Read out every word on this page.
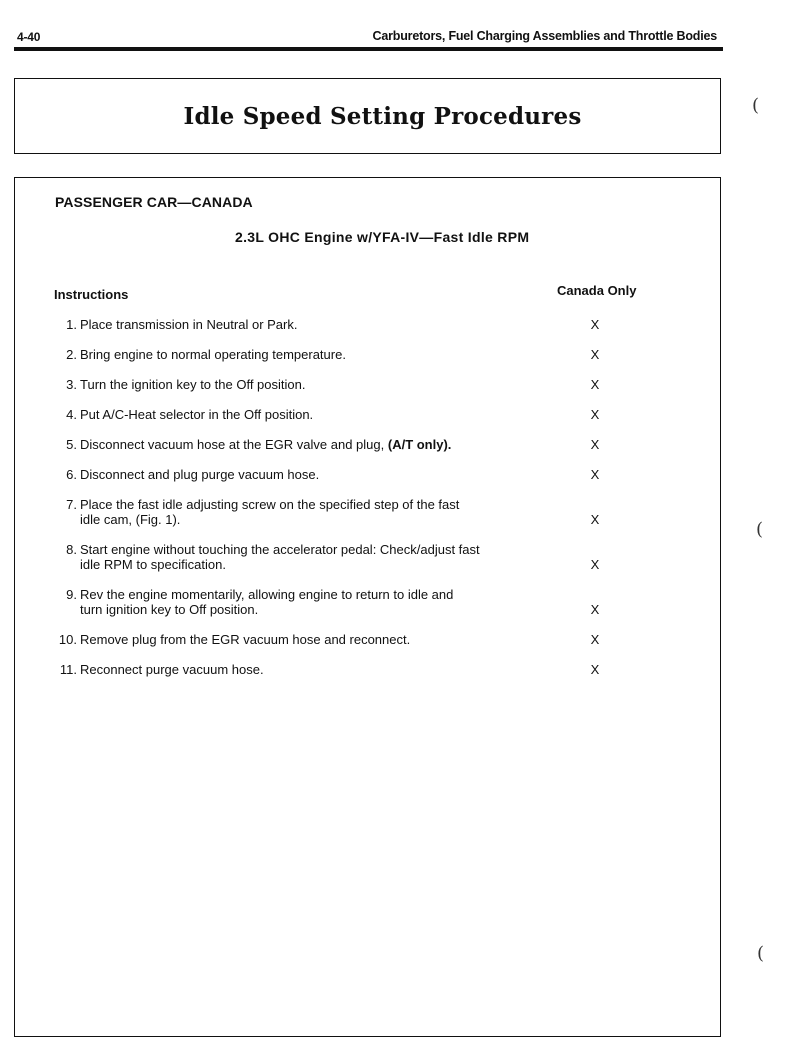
4-40	Carburetors, Fuel Charging Assemblies and Throttle Bodies
Idle Speed Setting Procedures	(
(
(
PASSENGER CAR—CANADA
2.3L OHC Engine w/YFA-IV—Fast Idle RPM
Instructions	Canada Only
1. Place transmission in Neutral or Park.	X
2. Bring engine to normal operating temperature.	X
3. Turn the ignition key to the Off position.	X
4. Put A/C-Heat selector in the Off position.	X
5. Disconnect vacuum hose at the EGR valve and plug, (A/T only).	X
6. Disconnect and plug purge vacuum hose.	X
7. Place the fast idle adjusting screw on the specified step of the fast
idle cam, (Fig. 1).	X
8. Start engine without touching the accelerator pedal: Check/adjust fast
idle RPM to specification.	X
9. Rev the engine momentarily, allowing engine to return to idle and
turn ignition key to Off position.	X
10. Remove plug from the EGR vacuum hose and reconnect.	X
11. Reconnect purge vacuum hose.	X
